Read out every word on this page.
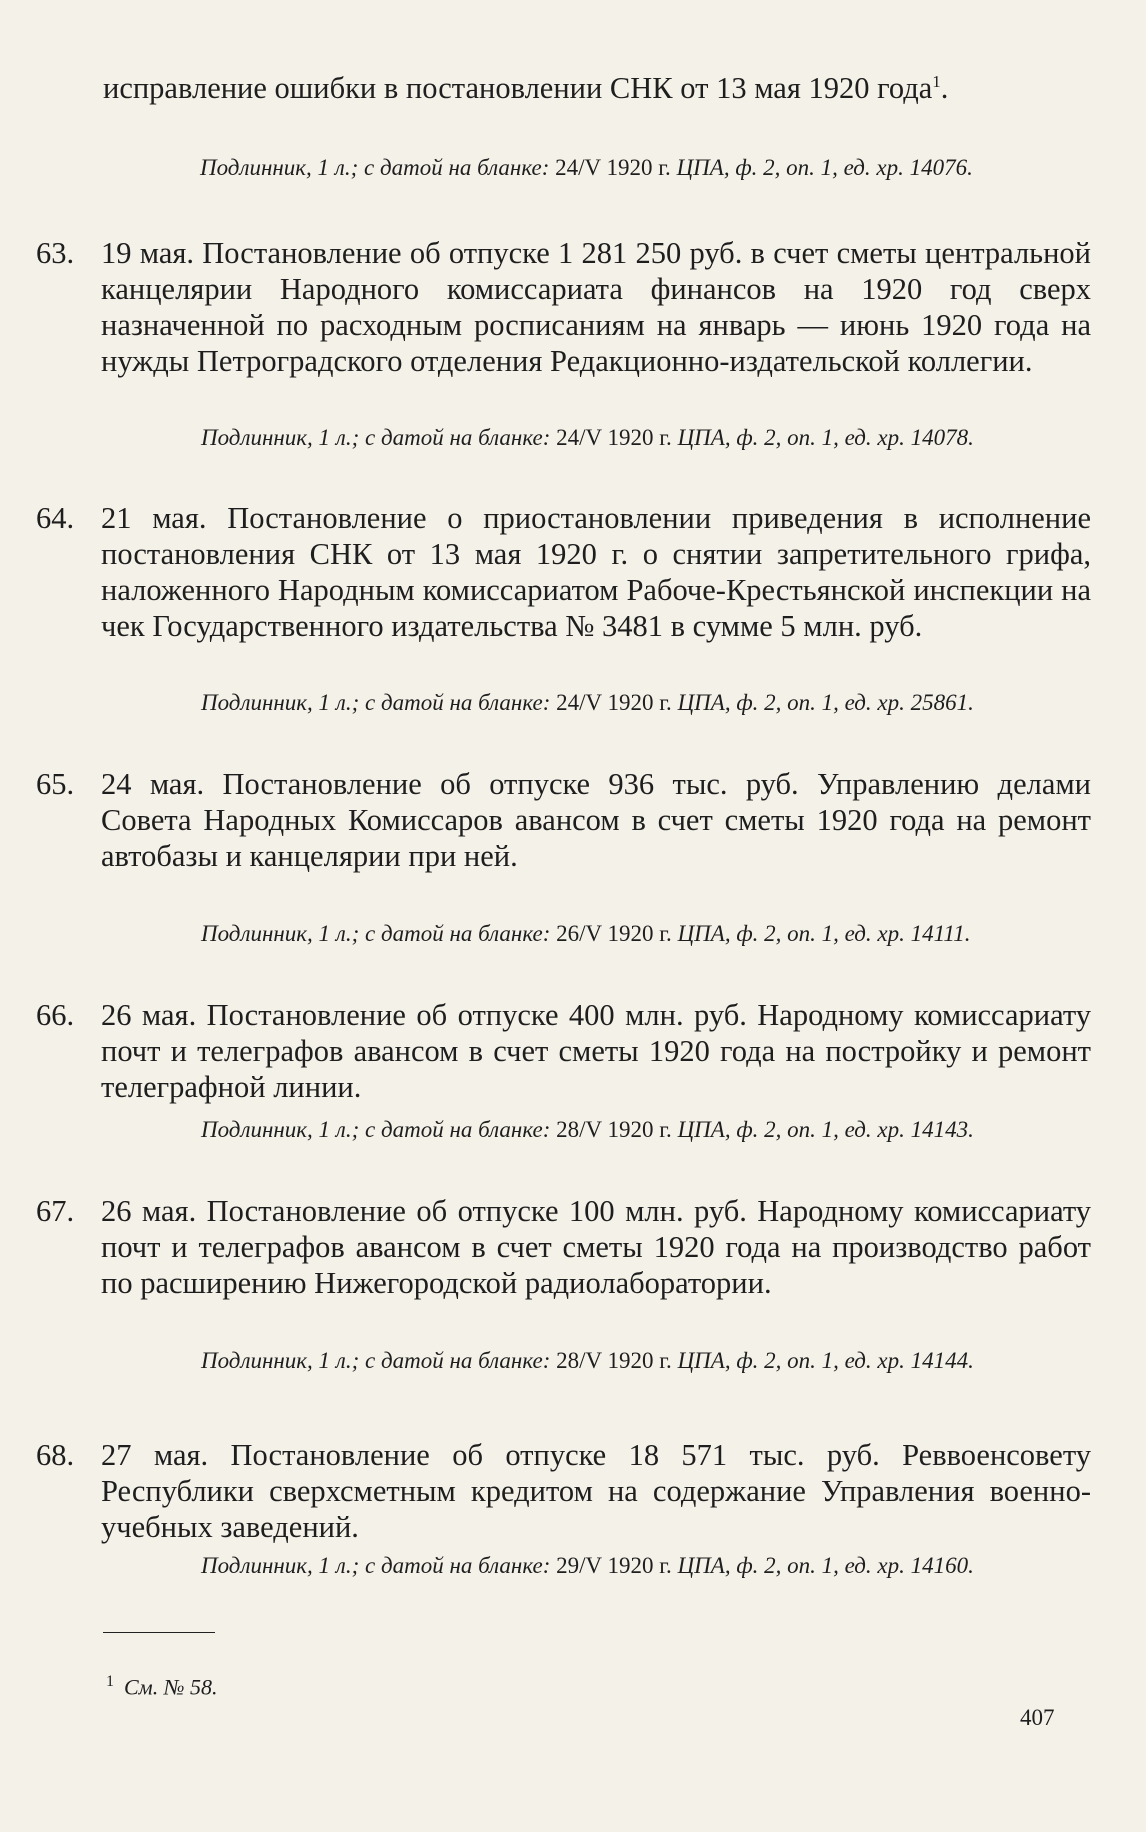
исправление ошибки в постановлении СНК от 13 мая 1920 года$^1$.
Подлинник, 1 л.; с датой на бланке: 24/V 1920 г. ЦПА, ф. 2, оп. 1, ед. хр. 14076.
63. 19 мая. Постановление об отпуске 1 281 250 руб. в счет сметы центральной канцелярии Народного комиссариата финансов на 1920 год сверх назначенной по расходным росписаниям на январь — июнь 1920 года на нужды Петроградского отделения Редакционно-издательской коллегии.
Подлинник, 1 л.; с датой на бланке: 24/V 1920 г. ЦПА, ф. 2, оп. 1, ед. хр. 14078.
64. 21 мая. Постановление о приостановлении приведения в исполнение постановления СНК от 13 мая 1920 г. о снятии запретительного грифа, наложенного Народным комиссариатом Рабоче-Крестьянской инспекции на чек Государственного издательства № 3481 в сумме 5 млн. руб.
Подлинник, 1 л.; с датой на бланке: 24/V 1920 г. ЦПА, ф. 2, оп. 1, ед. хр. 25861.
65. 24 мая. Постановление об отпуске 936 тыс. руб. Управлению делами Совета Народных Комиссаров авансом в счет сметы 1920 года на ремонт автобазы и канцелярии при ней.
Подлинник, 1 л.; с датой на бланке: 26/V 1920 г. ЦПА, ф. 2, оп. 1, ед. хр. 14111.
66. 26 мая. Постановление об отпуске 400 млн. руб. Народному комиссариату почт и телеграфов авансом в счет сметы 1920 года на постройку и ремонт телеграфной линии.
Подлинник, 1 л.; с датой на бланке: 28/V 1920 г. ЦПА, ф. 2, оп. 1, ед. хр. 14143.
67. 26 мая. Постановление об отпуске 100 млн. руб. Народному комиссариату почт и телеграфов авансом в счет сметы 1920 года на производство работ по расширению Нижегородской радиолаборатории.
Подлинник, 1 л.; с датой на бланке: 28/V 1920 г. ЦПА, ф. 2, оп. 1, ед. хр. 14144.
68. 27 мая. Постановление об отпуске 18 571 тыс. руб. Реввоенсовету Республики сверхсметным кредитом на содержание Управления военно-учебных заведений.
Подлинник, 1 л.; с датой на бланке: 29/V 1920 г. ЦПА, ф. 2, оп. 1, ед. хр. 14160.
$^1$ См. № 58.
407
